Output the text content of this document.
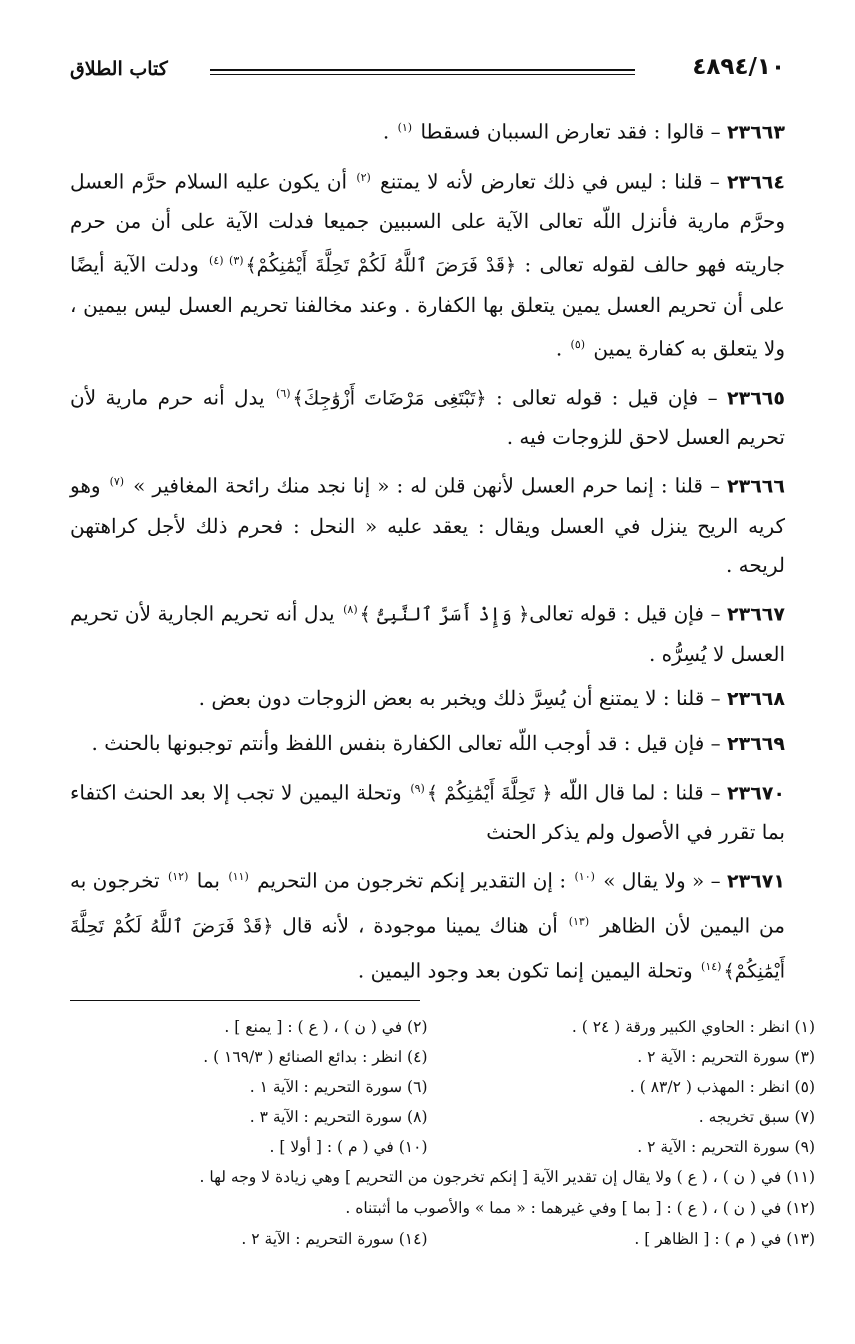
٤٨٩٤/١٠
كتاب الطلاق

٢٣٦٦٣ – قالوا : فقد تعارض السببان فسقطا $^{(١)}$ .

٢٣٦٦٤ – قلنا : ليس في ذلك تعارض لأنه لا يمتنع $^{(٢)}$ أن يكون عليه السلام حرَّم العسل وحرَّم مارية فأنزل اللّه تعالى الآية على السببين جميعا فدلت الآية على أن من حرم جاريته فهو حالف لقوله تعالى : ﴿قَدْ فَرَضَ ٱللَّهُ لَكُمْ تَحِلَّةَ أَيْمَٰنِكُمْ﴾$^{(٣) (٤)}$ ودلت الآية أيضًا على أن تحريم العسل يمين يتعلق بها الكفارة . وعند مخالفنا تحريم العسل ليس بيمين ، ولا يتعلق به كفارة يمين $^{(٥)}$ .

٢٣٦٦٥ – فإن قيل : قوله تعالى : ﴿تَبْتَغِى مَرْضَاتَ أَزْوَٰجِكَ﴾$^{(٦)}$ يدل أنه حرم مارية لأن تحريم العسل لاحق للزوجات فيه .

٢٣٦٦٦ – قلنا : إنما حرم العسل لأنهن قلن له : « إنا نجد منك رائحة المغافير » $^{(٧)}$ وهو كريه الريح ينزل في العسل ويقال : يعقد عليه « النحل : فحرم ذلك لأجل كراهتهن لريحه .

٢٣٦٦٧ – فإن قيل : قوله تعالى﴿ وَإِذْ أَسَرَّ ٱلنَّبِىُّ ﴾$^{(٨)}$ يدل أنه تحريم الجارية لأن تحريم العسل لا يُسِرُّه .

٢٣٦٦٨ – قلنا : لا يمتنع أن يُسِرَّ ذلك ويخبر به بعض الزوجات دون بعض .

٢٣٦٦٩ – فإن قيل : قد أوجب اللّه تعالى الكفارة بنفس اللفظ وأنتم توجبونها بالحنث .

٢٣٦٧٠ – قلنا : لما قال اللّه ﴿ تَحِلَّةَ أَيْمَٰنِكُمْ ﴾$^{(٩)}$ وتحلة اليمين لا تجب إلا بعد الحنث اكتفاء بما تقرر في الأصول ولم يذكر الحنث

٢٣٦٧١ – « ولا يقال » $^{(١٠)}$ : إن التقدير إنكم تخرجون من التحريم $^{(١١)}$ بما $^{(١٢)}$ تخرجون به من اليمين لأن الظاهر $^{(١٣)}$ أن هناك يمينا موجودة ، لأنه قال ﴿قَدْ فَرَضَ ٱللَّهُ لَكُمْ تَحِلَّةَ أَيْمَٰنِكُمْ﴾$^{(١٤)}$ وتحلة اليمين إنما تكون بعد وجود اليمين .

(١) انظر : الحاوي الكبير ورقة ( ٢٤ ) .
(٢) في ( ن ) ، ( ع ) : [ يمنع ] .
(٣) سورة التحريم : الآية ٢ .
(٤) انظر : بدائع الصنائع ( ١٦٩/٣ ) .
(٥) انظر : المهذب ( ٨٣/٢ ) .
(٦) سورة التحريم : الآية ١ .
(٧) سبق تخريجه .
(٨) سورة التحريم : الآية ٣ .
(٩) سورة التحريم : الآية ٢ .
(١٠) في ( م ) : [ أولا ] .
(١١) في ( ن ) ، ( ع ) ولا يقال إن تقدير الآية [ إنكم تخرجون من التحريم ] وهي زيادة لا وجه لها .
(١٢) في ( ن ) ، ( ع ) : [ بما ] وفي غيرهما : « مما » والأصوب ما أثبتناه .
(١٣) في ( م ) : [ الظاهر ] .
(١٤) سورة التحريم : الآية ٢ .
